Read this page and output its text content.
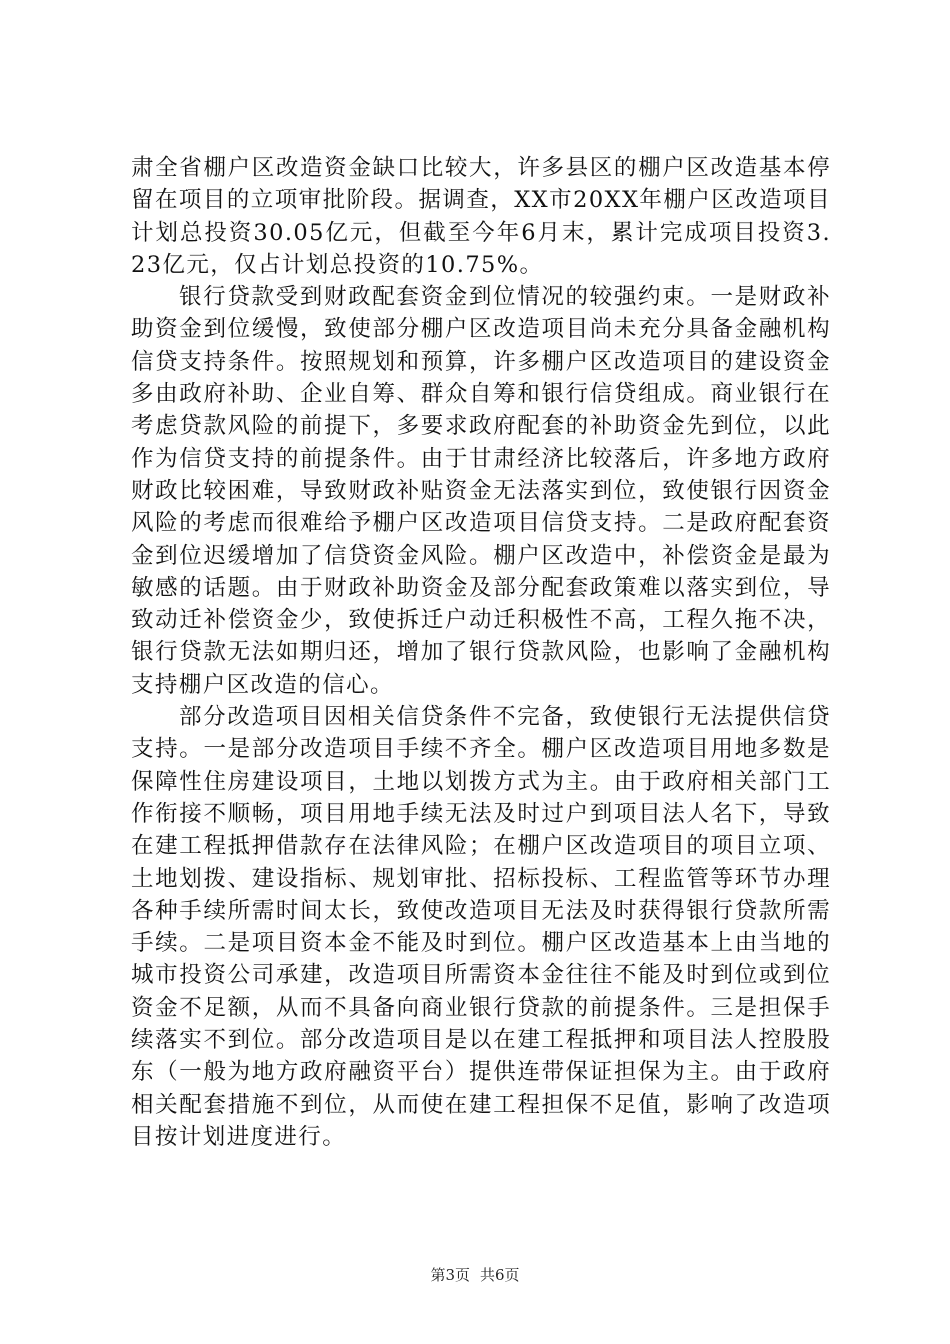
肃全省棚户区改造资金缺口比较大，许多县区的棚户区改造基本停留在项目的立项审批阶段。据调查，XX市20XX年棚户区改造项目计划总投资30.05亿元，但截至今年6月末，累计完成项目投资3.23亿元，仅占计划总投资的10.75%。

银行贷款受到财政配套资金到位情况的较强约束。一是财政补助资金到位缓慢，致使部分棚户区改造项目尚未充分具备金融机构信贷支持条件。按照规划和预算，许多棚户区改造项目的建设资金多由政府补助、企业自筹、群众自筹和银行信贷组成。商业银行在考虑贷款风险的前提下，多要求政府配套的补助资金先到位，以此作为信贷支持的前提条件。由于甘肃经济比较落后，许多地方政府财政比较困难，导致财政补贴资金无法落实到位，致使银行因资金风险的考虑而很难给予棚户区改造项目信贷支持。二是政府配套资金到位迟缓增加了信贷资金风险。棚户区改造中，补偿资金是最为敏感的话题。由于财政补助资金及部分配套政策难以落实到位，导致动迁补偿资金少，致使拆迁户动迁积极性不高，工程久拖不决，银行贷款无法如期归还，增加了银行贷款风险，也影响了金融机构支持棚户区改造的信心。

部分改造项目因相关信贷条件不完备，致使银行无法提供信贷支持。一是部分改造项目手续不齐全。棚户区改造项目用地多数是保障性住房建设项目，土地以划拨方式为主。由于政府相关部门工作衔接不顺畅，项目用地手续无法及时过户到项目法人名下，导致在建工程抵押借款存在法律风险；在棚户区改造项目的项目立项、土地划拨、建设指标、规划审批、招标投标、工程监管等环节办理各种手续所需时间太长，致使改造项目无法及时获得银行贷款所需手续。二是项目资本金不能及时到位。棚户区改造基本上由当地的城市投资公司承建，改造项目所需资本金往往不能及时到位或到位资金不足额，从而不具备向商业银行贷款的前提条件。三是担保手续落实不到位。部分改造项目是以在建工程抵押和项目法人控股股东（一般为地方政府融资平台）提供连带保证担保为主。由于政府相关配套措施不到位，从而使在建工程担保不足值，影响了改造项目按计划进度进行。

第3页 共6页
